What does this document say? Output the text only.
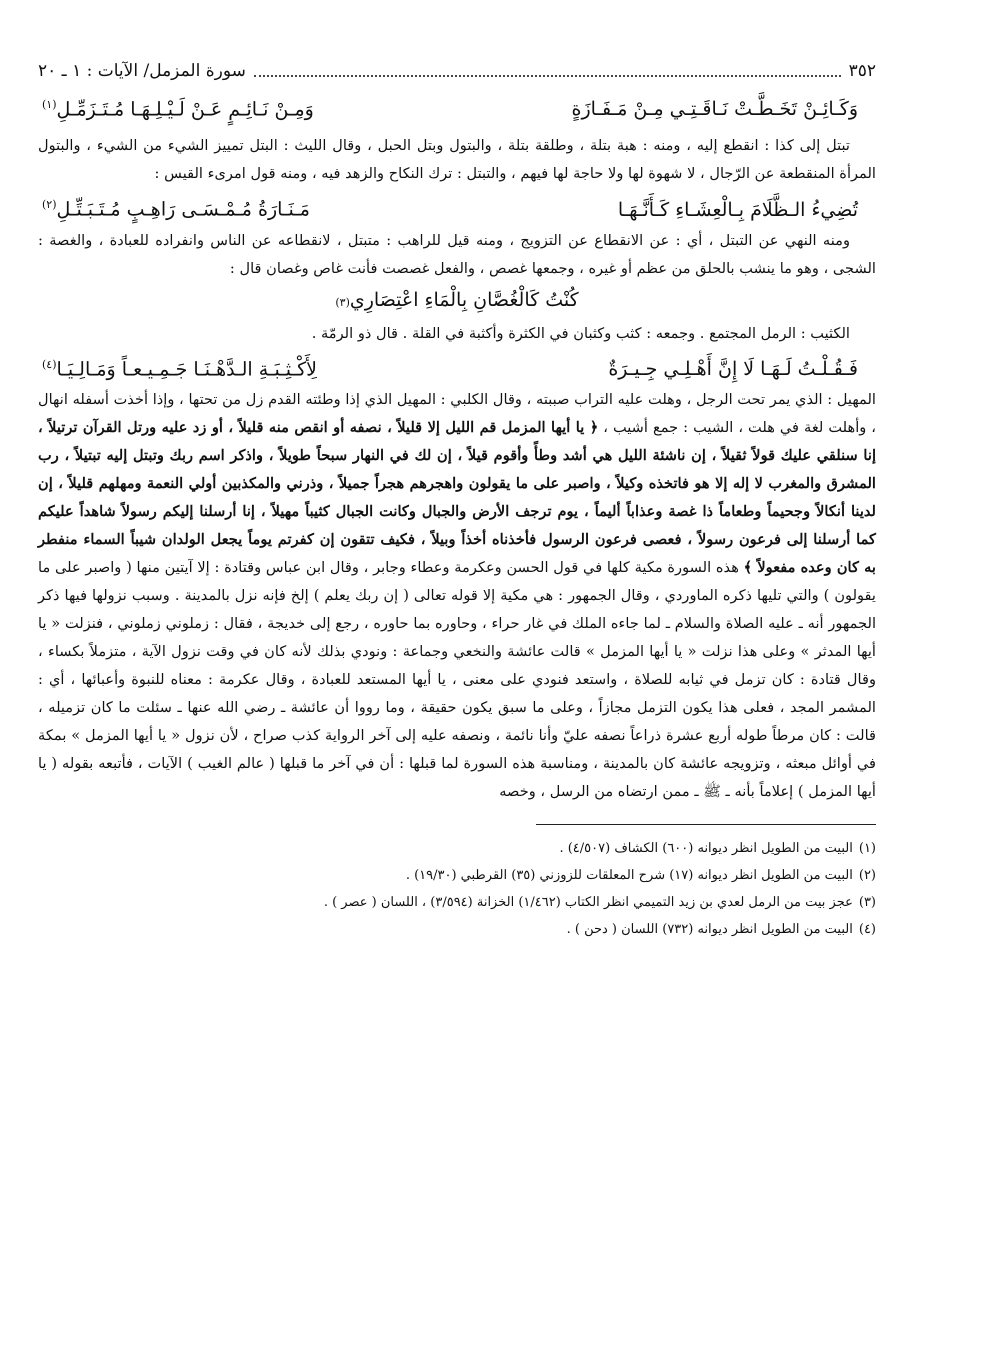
٣٥٢
سورة المزمل/ الآيات : ١ ـ ٢٠
وَكَـائِـنْ تَخَـطَّـتْ نَـاقَـتِـي مِـنْ مَـفَـازَةٍ
وَمِـنْ نَـائِـمٍ عَـنْ لَـيْـلِـهَـا مُـتَـزَمِّـلِ$^{(١)}$

تبتل إلى كذا : انقطع إليه ، ومنه : هبة بتلة ، وطلقة بتلة ، والبتول وبتل الحبل ، وقال الليث : البتل تمييز الشيء من الشيء ، والبتول المرأة المنقطعة عن الرّجال ، لا شهوة لها ولا حاجة لها فيهم ، والتبتل : ترك النكاح والزهد فيه ، ومنه قول امرىء القيس :

تُضِيءُ الـظَّلَامَ بِـالْعِشَـاءِ كَـأَنَّـهَـا
مَـنَـارَةُ مُـمْـسَـى رَاهِـبٍ مُـتَـبَـتِّـلِ$^{(٢)}$

ومنه النهي عن التبتل ، أي : عن الانقطاع عن التزويج ، ومنه قيل للراهب : متبتل ، لانقطاعه عن الناس وانفراده للعبادة ، والغصة : الشجى ، وهو ما ينشب بالحلق من عظم أو غيره ، وجمعها غصص ، والفعل غصصت فأنت غاص وغصان قال :

كُنْتُ كَالْغُصَّانِ بِالْمَاءِ اعْتِصَارِي
(٣)

الكثيب : الرمل المجتمع . وجمعه : كثب وكثبان في الكثرة وأكثبة في القلة . قال ذو الرمّة .

فَـقُـلْـتُ لَـهَـا لَا إِنَّ أَهْـلِـي جِـيـرَةٌ
لِأَكْـثِـبَـةِ الـدَّهْـنَـا جَـمِـيـعـاً وَمَـالِـيَـا$^{(٤)}$

المهيل : الذي يمر تحت الرجل ، وهلت عليه التراب صببته ، وقال الكلبي : المهيل الذي إذا وطئته القدم زل من تحتها ، وإذا أخذت أسفله انهال ، وأهلت لغة في هلت ، الشيب : جمع أشيب ، ﴿ يا أيها المزمل قم الليل إلا قليلاً ، نصفه أو انقص منه قليلاً ، أو زد عليه ورتل القرآن ترتيلاً ، إنا سنلقي عليك قولاً ثقيلاً ، إن ناشئة الليل هي أشد وطأً وأقوم قيلاً ، إن لك في النهار سبحاً طويلاً ، واذكر اسم ربك وتبتل إليه تبتيلاً ، رب المشرق والمغرب لا إله إلا هو فاتخذه وكيلاً ، واصبر على ما يقولون واهجرهم هجراً جميلاً ، وذرني والمكذبين أولي النعمة ومهلهم قليلاً ، إن لدينا أنكالاً وجحيماً وطعاماً ذا غصة وعذاباً أليماً ، يوم ترجف الأرض والجبال وكانت الجبال كثيباً مهيلاً ، إنا أرسلنا إليكم رسولاً شاهداً عليكم كما أرسلنا إلى فرعون رسولاً ، فعصى فرعون الرسول فأخذناه أخذاً وبيلاً ، فكيف تتقون إن كفرتم يوماً يجعل الولدان شيباً السماء منفطر به كان وعده مفعولاً ﴾ هذه السورة مكية كلها في قول الحسن وعكرمة وعطاء وجابر ، وقال ابن عباس وقتادة : إلا آيتين منها ( واصبر على ما يقولون ) والتي تليها ذكره الماوردي ، وقال الجمهور : هي مكية إلا قوله تعالى ( إن ربك يعلم ) إلخ فإنه نزل بالمدينة . وسبب نزولها فيها ذكر الجمهور أنه ـ عليه الصلاة والسلام ـ لما جاءه الملك في غار حراء ، وحاوره بما حاوره ، رجع إلى خديجة ، فقال : زملوني زملوني ، فنزلت « يا أيها المدثر » وعلى هذا نزلت « يا أيها المزمل » قالت عائشة والنخعي وجماعة : ونودي بذلك لأنه كان في وقت نزول الآية ، متزملاً بكساء ، وقال قتادة : كان تزمل في ثيابه للصلاة ، واستعد فنودي على معنى ، يا أيها المستعد للعبادة ، وقال عكرمة : معناه للنبوة وأعبائها ، أي : المشمر المجد ، فعلى هذا يكون التزمل مجازاً ، وعلى ما سبق يكون حقيقة ، وما رووا أن عائشة ـ رضي الله عنها ـ سئلت ما كان تزميله ، قالت : كان مرطاً طوله أربع عشرة ذراعاً نصفه عليّ وأنا نائمة ، ونصفه عليه إلى آخر الرواية كذب صراح ، لأن نزول « يا أيها المزمل » بمكة في أوائل مبعثه ، وتزويجه عائشة كان بالمدينة ، ومناسبة هذه السورة لما قبلها : أن في آخر ما قبلها ( عالم الغيب ) الآيات ، فأتبعه بقوله ( يا أيها المزمل ) إعلاماً بأنه ـ ﷺ ـ ممن ارتضاه من الرسل ، وخصه

(١)البيت من الطويل انظر ديوانه (٦٠٠) الكشاف (٤/٥٠٧) .
(٢)البيت من الطويل انظر ديوانه (١٧) شرح المعلقات للزوزني (٣٥) القرطبي (١٩/٣٠) .
(٣)عجز بيت من الرمل لعدي بن زيد التميمي انظر الكتاب (١/٤٦٢) الخزانة (٣/٥٩٤) ، اللسان ( عصر ) .
(٤)البيت من الطويل انظر ديوانه (٧٣٢) اللسان ( دحن ) .
